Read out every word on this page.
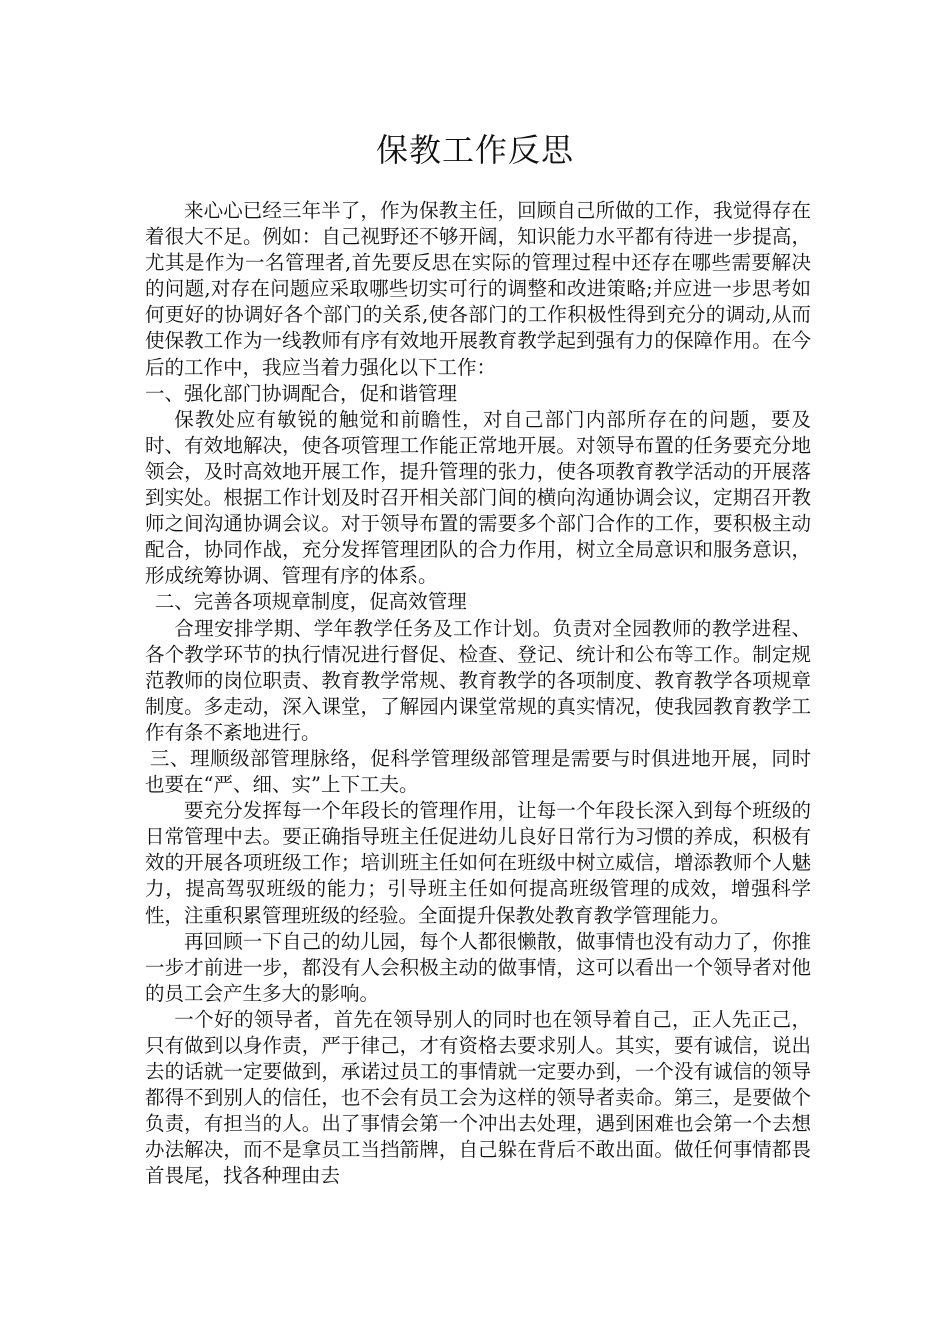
保教工作反思

来心心已经三年半了，作为保教主任，回顾自己所做的工作，我觉得存在着很大不足。例如：自己视野还不够开阔，知识能力水平都有待进一步提高，尤其是作为一名管理者,首先要反思在实际的管理过程中还存在哪些需要解决的问题,对存在问题应采取哪些切实可行的调整和改进策略;并应进一步思考如何更好的协调好各个部门的关系,使各部门的工作积极性得到充分的调动,从而使保教工作为一线教师有序有效地开展教育教学起到强有力的保障作用。在今后的工作中，我应当着力强化以下工作：

一、强化部门协调配合，促和谐管理

保教处应有敏锐的触觉和前瞻性，对自己部门内部所存在的问题，要及时、有效地解决，使各项管理工作能正常地开展。对领导布置的任务要充分地领会，及时高效地开展工作，提升管理的张力，使各项教育教学活动的开展落到实处。根据工作计划及时召开相关部门间的横向沟通协调会议，定期召开教师之间沟通协调会议。对于领导布置的需要多个部门合作的工作，要积极主动配合，协同作战，充分发挥管理团队的合力作用，树立全局意识和服务意识，形成统筹协调、管理有序的体系。

二、完善各项规章制度，促高效管理

合理安排学期、学年教学任务及工作计划。负责对全园教师的教学进程、各个教学环节的执行情况进行督促、检查、登记、统计和公布等工作。制定规范教师的岗位职责、教育教学常规、教育教学的各项制度、教育教学各项规章制度。多走动，深入课堂，了解园内课堂常规的真实情况，使我园教育教学工作有条不紊地进行。

三、理顺级部管理脉络，促科学管理级部管理是需要与时俱进地开展，同时也要在“严、细、实”上下工夫。

要充分发挥每一个年段长的管理作用，让每一个年段长深入到每个班级的日常管理中去。要正确指导班主任促进幼儿良好日常行为习惯的养成，积极有效的开展各项班级工作；培训班主任如何在班级中树立威信，增添教师个人魅力，提高驾驭班级的能力；引导班主任如何提高班级管理的成效，增强科学性，注重积累管理班级的经验。全面提升保教处教育教学管理能力。

再回顾一下自己的幼儿园，每个人都很懒散，做事情也没有动力了，你推一步才前进一步，都没有人会积极主动的做事情，这可以看出一个领导者对他的员工会产生多大的影响。

一个好的领导者，首先在领导别人的同时也在领导着自己，正人先正己，只有做到以身作责，严于律己，才有资格去要求别人。其实，要有诚信，说出去的话就一定要做到，承诺过员工的事情就一定要办到，一个没有诚信的领导都得不到别人的信任，也不会有员工会为这样的领导者卖命。第三，是要做个负责，有担当的人。出了事情会第一个冲出去处理，遇到困难也会第一个去想办法解决，而不是拿员工当挡箭牌，自己躲在背后不敢出面。做任何事情都畏首畏尾，找各种理由去
